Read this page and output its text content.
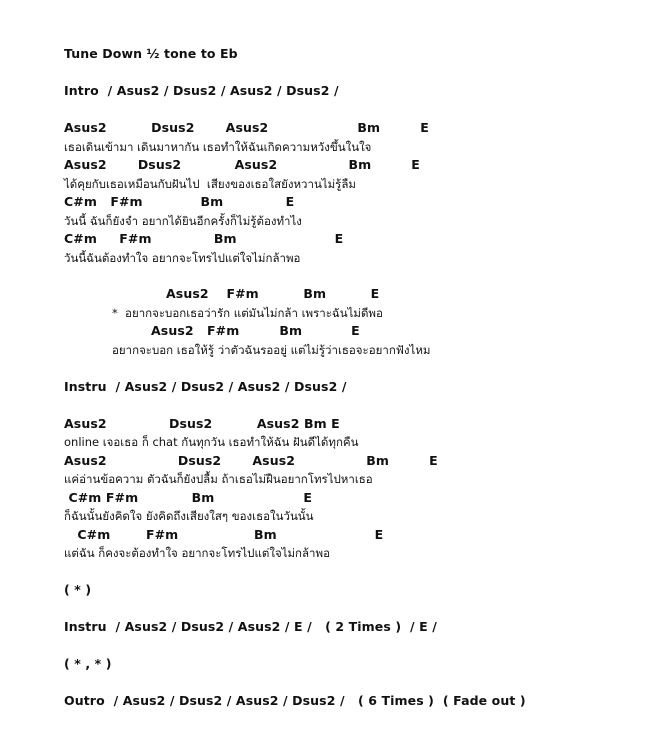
Tune Down ½ tone to Eb
Intro  / Asus2 / Dsus2 / Asus2 / Dsus2 /
Asus2          Dsus2       Asus2                    Bm         E
เธอเดินเข้ามา เดินมาหากัน เธอทำให้ฉันเกิดความหวังขึ้นในใจ
Asus2       Dsus2            Asus2                Bm         E
ได้คุยกับเธอเหมือนกับฝันไป  เสียงของเธอใสยังหวานไม่รู้ลืม
C#m   F#m             Bm              E
วันนี้ ฉันก็ยังจำ อยากได้ยินอีกครั้งก็ไม่รู้ต้องทำไง
C#m     F#m              Bm                      E
วันนี้ฉันต้องทำใจ อยากจะโทรไปแต่ใจไม่กล้าพอ
Asus2    F#m          Bm          E
*  อยากจะบอกเธอว่ารัก แต่มันไม่กล้า เพราะฉันไม่ดีพอ
Asus2   F#m         Bm           E
อยากจะบอก เธอให้รู้ ว่าตัวฉันรออยู่ แต่ไม่รู้ว่าเธอจะอยากฟังไหม
Instru  / Asus2 / Dsus2 / Asus2 / Dsus2 /
Asus2              Dsus2          Asus2 Bm E
online เจอเธอ ก็ chat กันทุกวัน เธอทำให้ฉัน ฝันดีได้ทุกคืน
Asus2                Dsus2       Asus2                Bm         E
แค่อ่านข้อความ ตัวฉันก็ยังปลื้ม ถ้าเธอไม่ฝืนอยากโทรไปหาเธอ
C#m F#m            Bm                    E
ก็ฉันนั้นยังคิดใจ ยังคิดถึงเสียงใสๆ ของเธอในวันนั้น
C#m        F#m                 Bm                      E
แต่ฉัน ก็คงจะต้องทำใจ อยากจะโทรไปแต่ใจไม่กล้าพอ
( * )
Instru  / Asus2 / Dsus2 / Asus2 / E /   ( 2 Times )  / E /
( * , * )
Outro  / Asus2 / Dsus2 / Asus2 / Dsus2 /   ( 6 Times )  ( Fade out )
